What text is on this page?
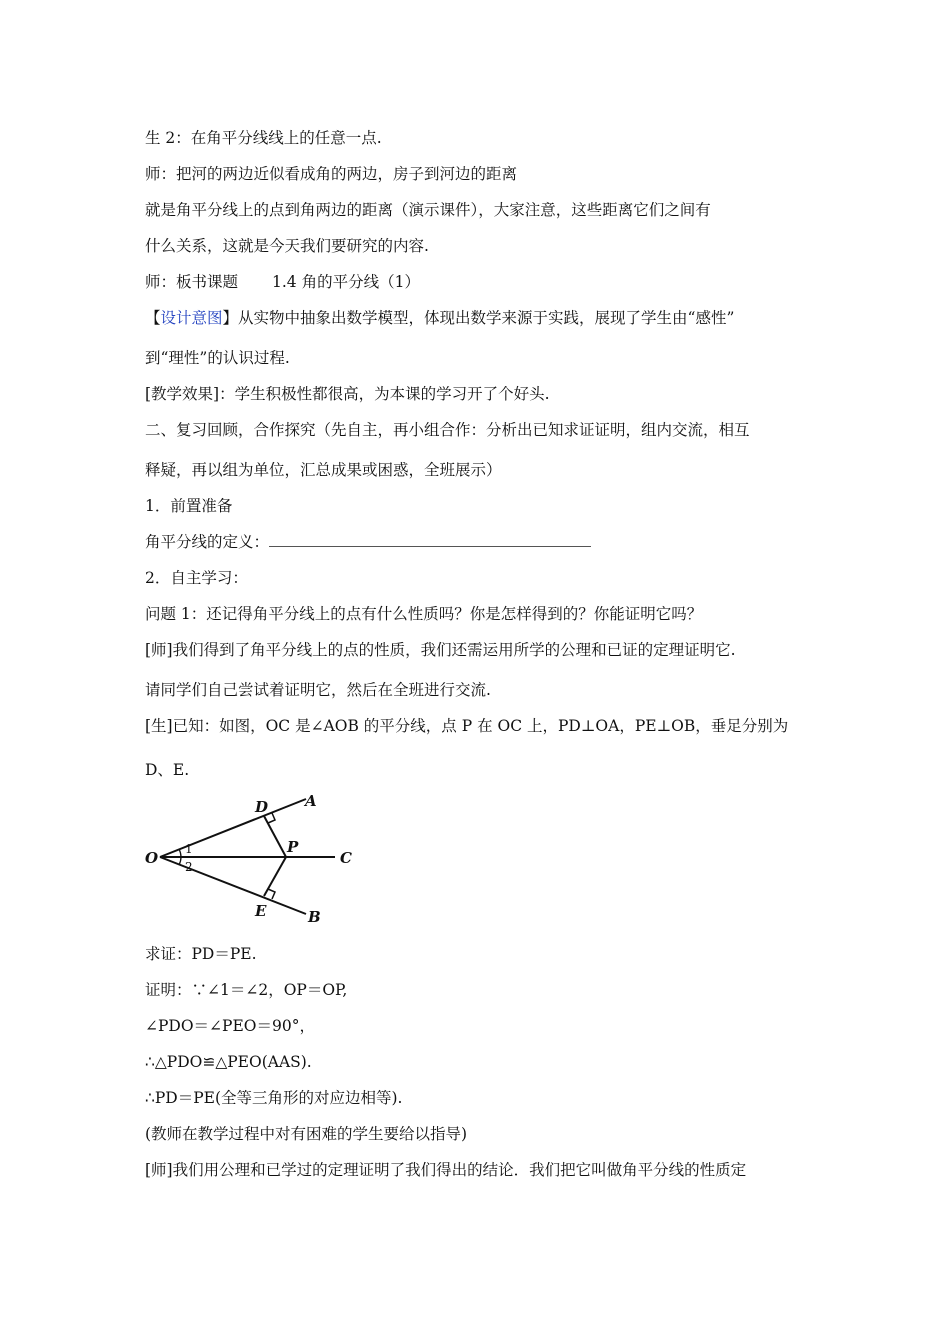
生 2：在角平分线线上的任意一点.
师：把河的两边近似看成角的两边，房子到河边的距离
就是角平分线上的点到角两边的距离（演示课件），大家注意，这些距离它们之间有
什么关系，这就是今天我们要研究的内容.
师：板书课题 1.4 角的平分线（1）
【设计意图】从实物中抽象出数学模型，体现出数学来源于实践，展现了学生由“感性”
到“理性”的认识过程.
[教学效果]：学生积极性都很高，为本课的学习开了个好头.
二、复习回顾，合作探究（先自主，再小组合作：分析出已知求证证明，组内交流，相互
释疑，再以组为单位，汇总成果或困惑，全班展示）
1．前置准备
角平分线的定义：
2．自主学习：
问题 1：还记得角平分线上的点有什么性质吗？你是怎样得到的？你能证明它吗？
[师]我们得到了角平分线上的点的性质，我们还需运用所学的公理和已证的定理证明它.
请同学们自己尝试着证明它，然后在全班进行交流.
[生]已知：如图，OC 是∠AOB 的平分线，点 P 在 OC 上，PD⊥OA，PE⊥OB，垂足分别为
D、E.
O
A
B
C
D
E
P
1
2
求证：PD＝PE.
证明：∵∠1＝∠2，OP＝OP,
∠PDO＝∠PEO＝90°，
∴△PDO≌△PEO(AAS).
∴PD＝PE(全等三角形的对应边相等).
(教师在教学过程中对有困难的学生要给以指导)
[师]我们用公理和已学过的定理证明了我们得出的结论．我们把它叫做角平分线的性质定
